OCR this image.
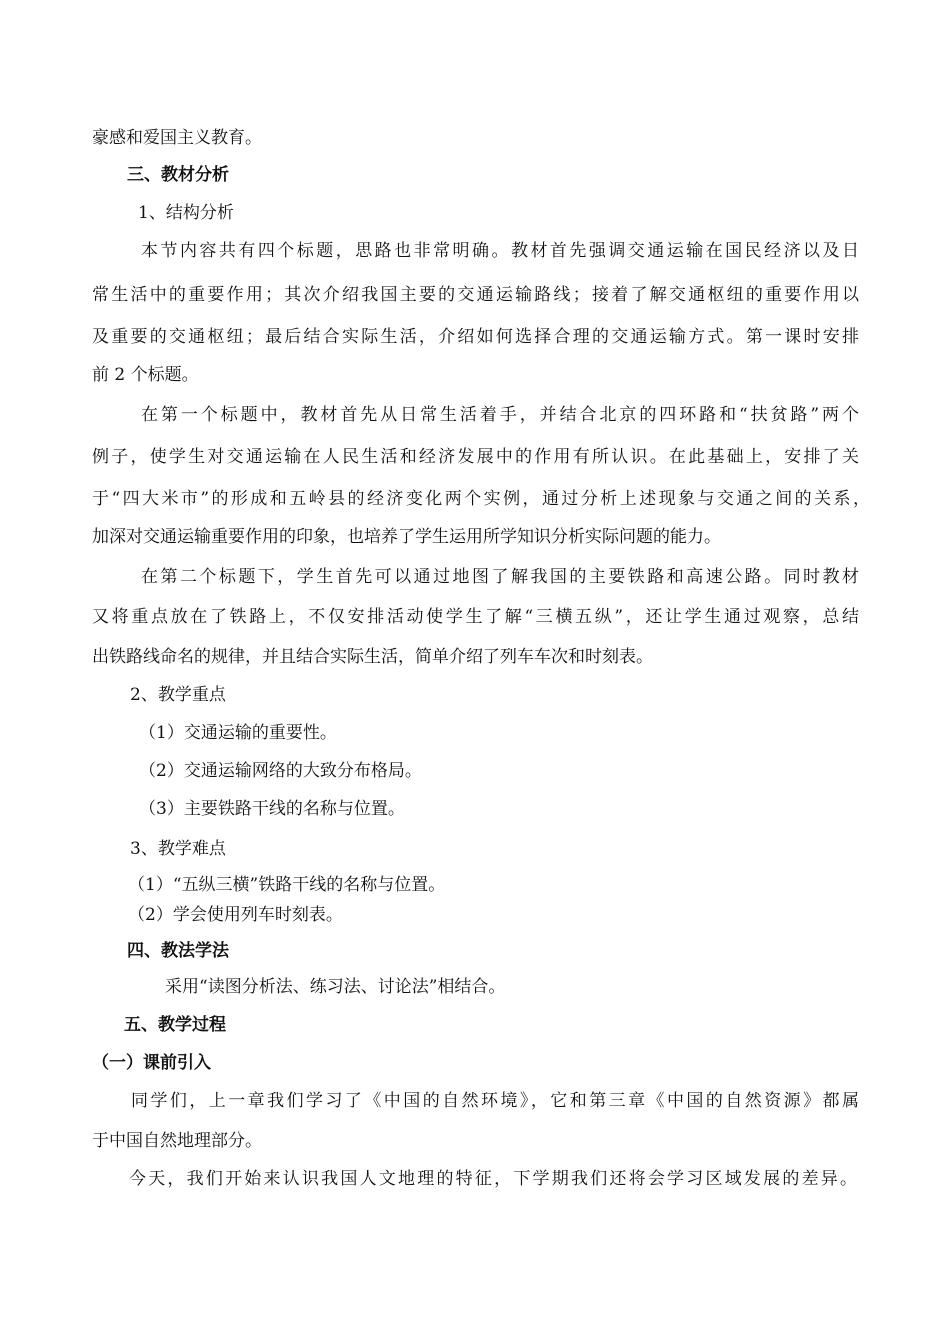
豪感和爱国主义教育。
三、教材分析
1、结构分析
本节内容共有四个标题，思路也非常明确。教材首先强调交通运输在国民经济以及日
常生活中的重要作用；其次介绍我国主要的交通运输路线；接着了解交通枢纽的重要作用以
及重要的交通枢纽；最后结合实际生活，介绍如何选择合理的交通运输方式。第一课时安排
前 2 个标题。
在第一个标题中，教材首先从日常生活着手，并结合北京的四环路和“扶贫路”两个
例子，使学生对交通运输在人民生活和经济发展中的作用有所认识。在此基础上，安排了关
于“四大米市”的形成和五岭县的经济变化两个实例，通过分析上述现象与交通之间的关系，
加深对交通运输重要作用的印象，也培养了学生运用所学知识分析实际问题的能力。
在第二个标题下，学生首先可以通过地图了解我国的主要铁路和高速公路。同时教材
又将重点放在了铁路上，不仅安排活动使学生了解“三横五纵”，还让学生通过观察，总结
出铁路线命名的规律，并且结合实际生活，简单介绍了列车车次和时刻表。
2、教学重点
（1）交通运输的重要性。
（2）交通运输网络的大致分布格局。
（3）主要铁路干线的名称与位置。
3、教学难点
（1）“五纵三横”铁路干线的名称与位置。
（2）学会使用列车时刻表。
四、教法学法
采用“读图分析法、练习法、讨论法”相结合。
五、教学过程
（一）课前引入
同学们，上一章我们学习了《中国的自然环境》，它和第三章《中国的自然资源》都属
于中国自然地理部分。
今天，我们开始来认识我国人文地理的特征，下学期我们还将会学习区域发展的差异。
